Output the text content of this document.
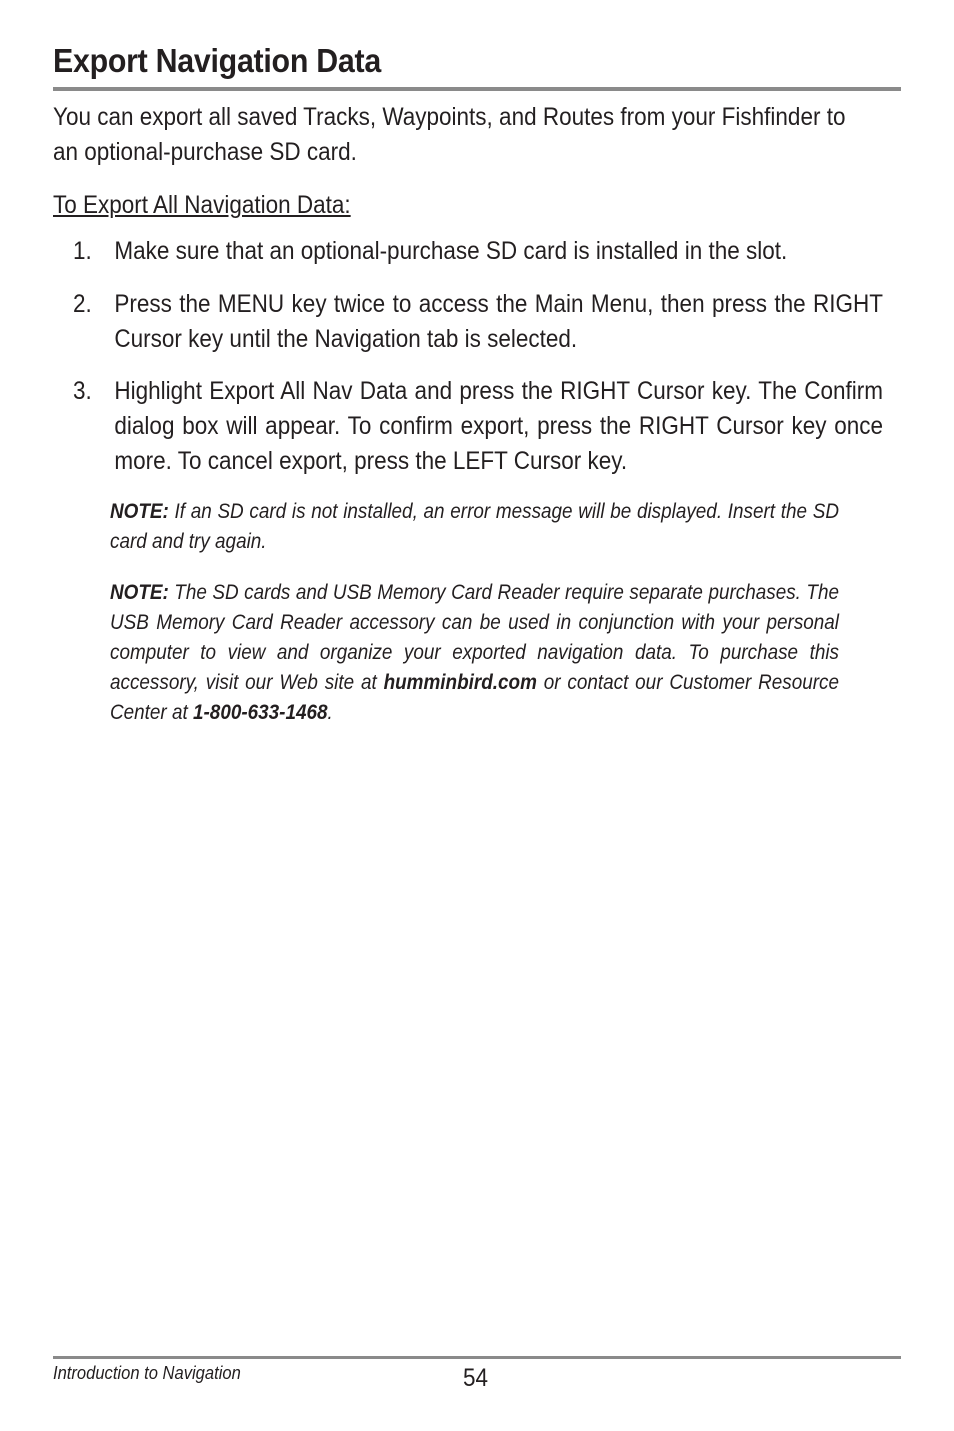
Export Navigation Data

You can export all saved Tracks, Waypoints, and Routes from your Fishfinder to an optional-purchase SD card.

To Export All Navigation Data:

1. Make sure that an optional-purchase SD card is installed in the slot.
2. Press the MENU key twice to access the Main Menu, then press the RIGHT Cursor key until the Navigation tab is selected.
3. Highlight Export All Nav Data and press the RIGHT Cursor key. The Confirm dialog box will appear. To confirm export, press the RIGHT Cursor key once more. To cancel export, press the LEFT Cursor key.

NOTE: If an SD card is not installed, an error message will be displayed. Insert the SD card and try again.

NOTE: The SD cards and USB Memory Card Reader require separate purchases. The USB Memory Card Reader accessory can be used in conjunction with your personal computer to view and organize your exported navigation data. To purchase this accessory, visit our Web site at humminbird.com or contact our Customer Resource Center at 1-800-633-1468.

Introduction to Navigation	54
